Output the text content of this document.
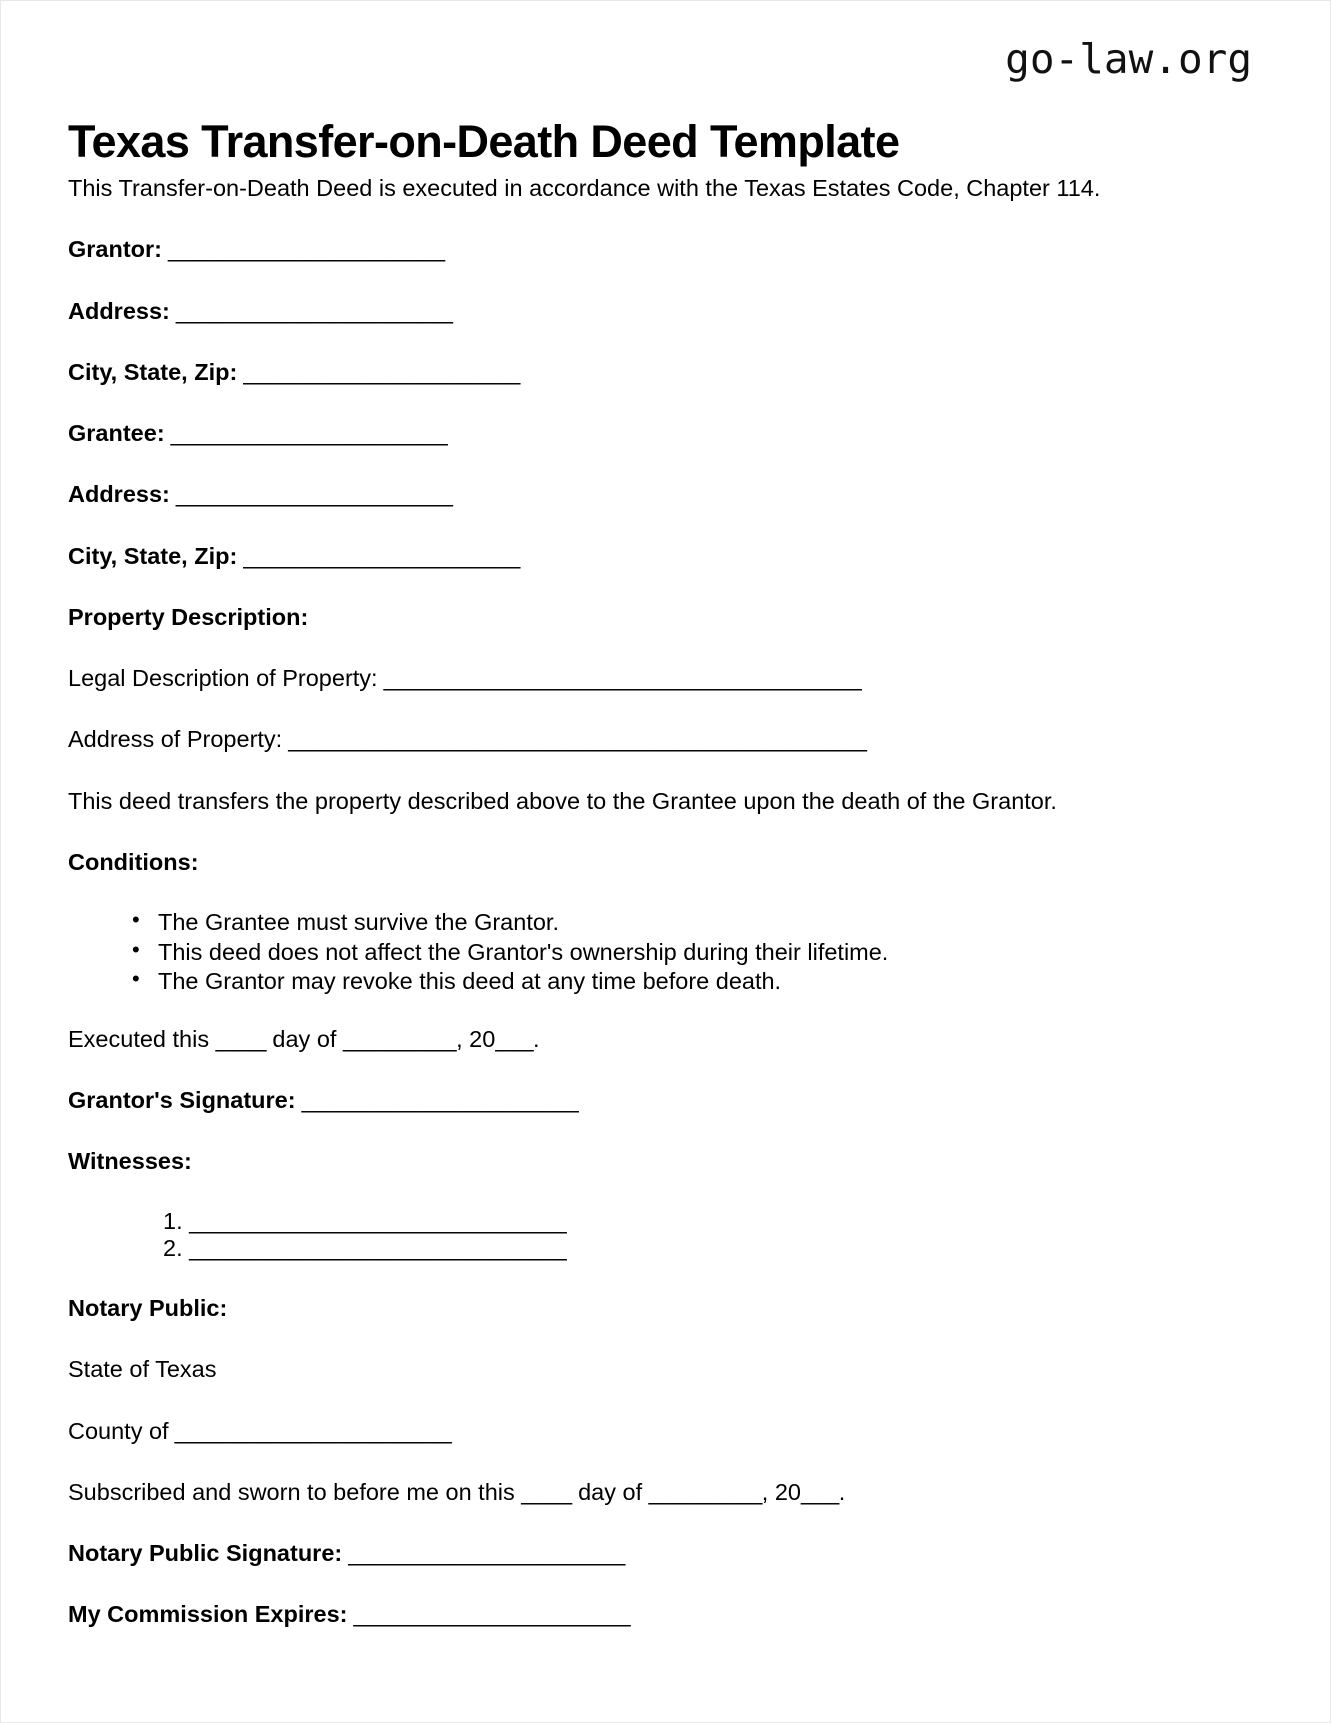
go-law.org
Texas Transfer-on-Death Deed Template

This Transfer-on-Death Deed is executed in accordance with the Texas Estates Code, Chapter 114.

Grantor: ______________________

Address: ______________________

City, State, Zip: ______________________

Grantee: ______________________

Address: ______________________

City, State, Zip: ______________________

Property Description:

Legal Description of Property: ______________________________________

Address of Property: ______________________________________________

This deed transfers the property described above to the Grantee upon the death of the Grantor.

Conditions:
• The Grantee must survive the Grantor.
• This deed does not affect the Grantor's ownership during their lifetime.
• The Grantor may revoke this deed at any time before death.

Executed this ____ day of _________, 20___.

Grantor's Signature: ______________________

Witnesses:
______________________________
______________________________
Notary Public:

State of Texas

County of ______________________

Subscribed and sworn to before me on this ____ day of _________, 20___.

Notary Public Signature: ______________________

My Commission Expires: ______________________
